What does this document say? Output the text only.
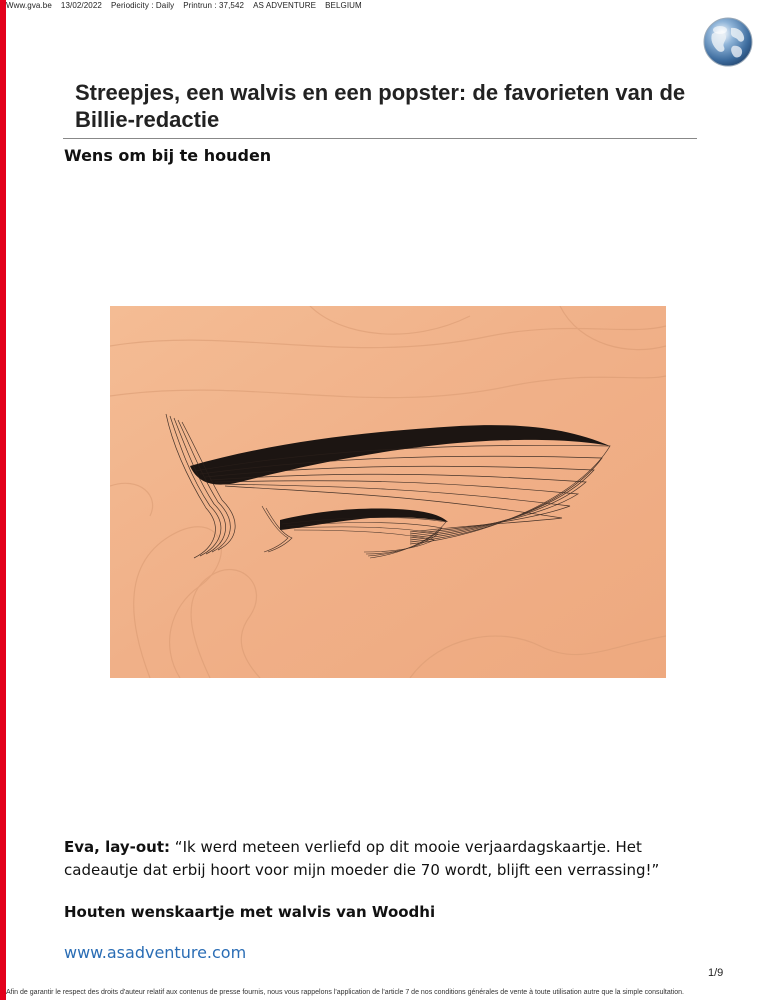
Www.gva.be 13/02/2022 Periodicity : Daily Printrun : 37,542 AS ADVENTURE BELGIUM
Streepjes, een walvis en een popster: de favorieten van de Billie-redactie
Wens om bij te houden

Eva, lay-out: “Ik werd meteen verliefd op dit mooie verjaardagskaartje. Het cadeautje dat erbij hoort voor mijn moeder die 70 wordt, blijft een verrassing!”

Houten wenskaartje met walvis van Woodhi

www.asadventure.com
1/9
Afin de garantir le respect des droits d'auteur relatif aux contenus de presse fournis, nous vous rappelons l'application de l'article 7 de nos conditions générales de vente à toute utilisation autre que la simple consultation.
